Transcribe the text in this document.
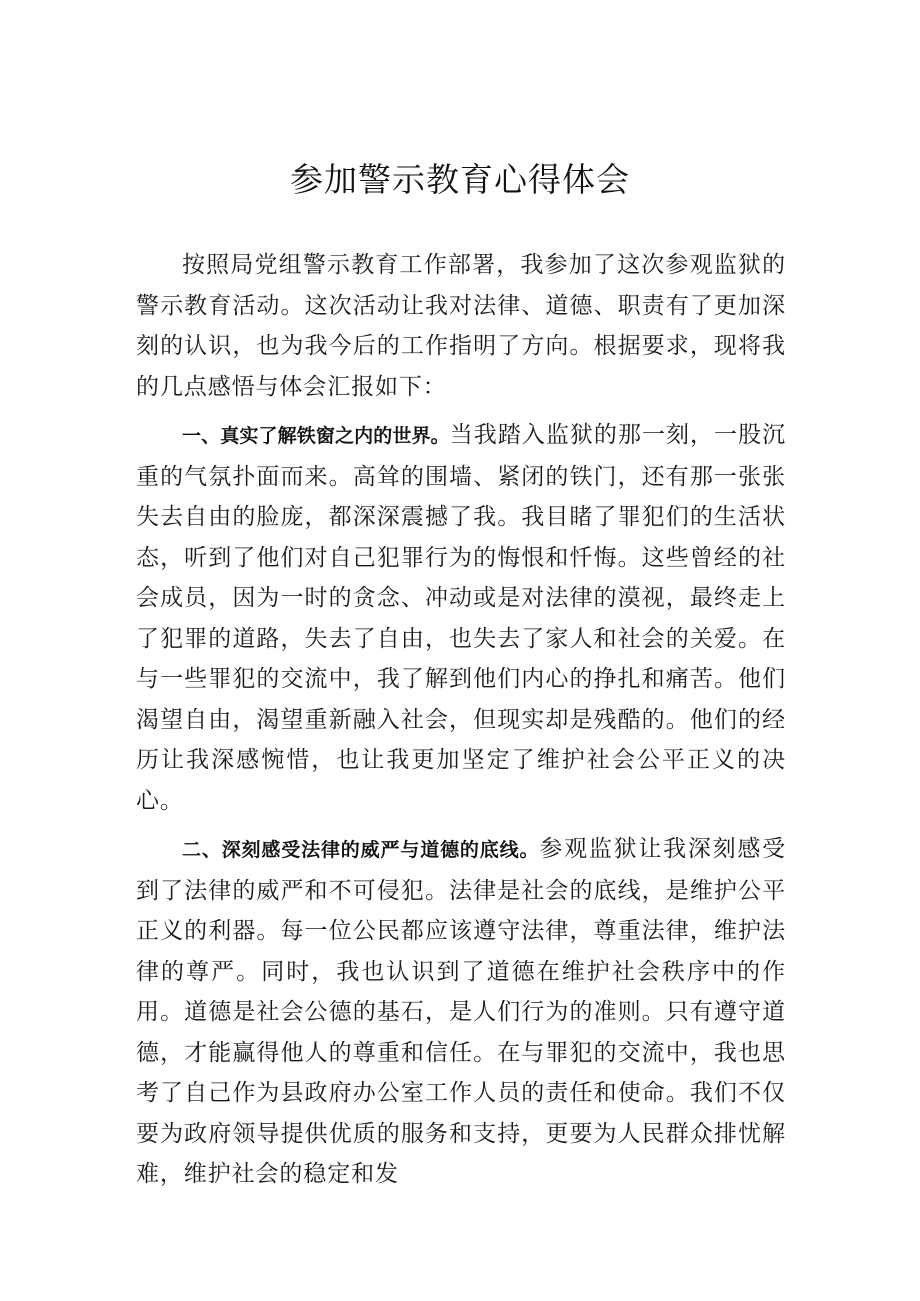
参加警示教育心得体会

按照局党组警示教育工作部署，我参加了这次参观监狱的警示教育活动。这次活动让我对法律、道德、职责有了更加深刻的认识，也为我今后的工作指明了方向。根据要求，现将我的几点感悟与体会汇报如下：

一、真实了解铁窗之内的世界。当我踏入监狱的那一刻，一股沉重的气氛扑面而来。高耸的围墙、紧闭的铁门，还有那一张张失去自由的脸庞，都深深震撼了我。我目睹了罪犯们的生活状态，听到了他们对自己犯罪行为的悔恨和忏悔。这些曾经的社会成员，因为一时的贪念、冲动或是对法律的漠视，最终走上了犯罪的道路，失去了自由，也失去了家人和社会的关爱。在与一些罪犯的交流中，我了解到他们内心的挣扎和痛苦。他们渴望自由，渴望重新融入社会，但现实却是残酷的。他们的经历让我深感惋惜，也让我更加坚定了维护社会公平正义的决心。

二、深刻感受法律的威严与道德的底线。参观监狱让我深刻感受到了法律的威严和不可侵犯。法律是社会的底线，是维护公平正义的利器。每一位公民都应该遵守法律，尊重法律，维护法律的尊严。同时，我也认识到了道德在维护社会秩序中的作用。道德是社会公德的基石，是人们行为的准则。只有遵守道德，才能赢得他人的尊重和信任。在与罪犯的交流中，我也思考了自己作为县政府办公室工作人员的责任和使命。我们不仅要为政府领导提供优质的服务和支持，更要为人民群众排忧解难，维护社会的稳定和发
